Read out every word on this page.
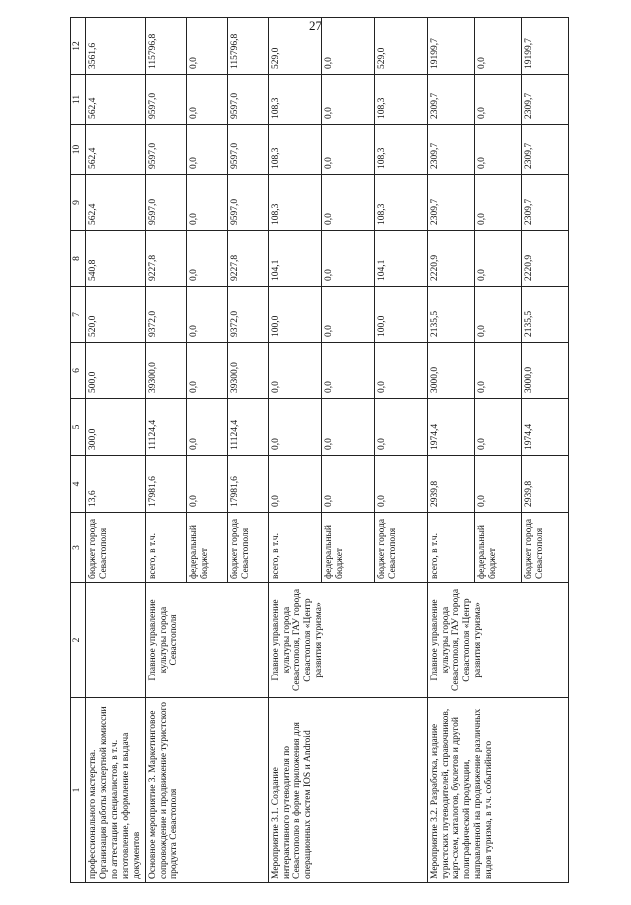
27
1	2	3	4	5	6	7	8	9	10	11	12
профессионального мастерства. Организация работы экспертной комиссии по аттестации специалистов, в т.ч. изготовление, оформление и выдача документов		бюджет города Севастополя	13,6	300,0	500,0	520,0	540,8	562,4	562,4	562,4	3561,6
Основное мероприятие 3. Маркетинговое сопровождение и продвижение туристского продукта Севастополя	Главное управление культуры города Севастополя	всего, в т.ч.	17981,6	11124,4	39300,0	9372,0	9227,8	9597,0	9597,0	9597,0	115796,8
		федеральный бюджет	0,0	0,0	0,0	0,0	0,0	0,0	0,0	0,0	0,0
		бюджет города Севастополя	17981,6	11124,4	39300,0	9372,0	9227,8	9597,0	9597,0	9597,0	115796,8
Мероприятие 3.1. Создание интерактивного путеводителя по Севастополю в форме приложения для операционных систем IOS и Android	Главное управление культуры города Севастополя, ГАУ города Севастополя «Центр развития туризма»	всего, в т.ч.	0,0	0,0	0,0	100,0	104,1	108,3	108,3	108,3	529,0
		федеральный бюджет	0,0	0,0	0,0	0,0	0,0	0,0	0,0	0,0	0,0
		бюджет города Севастополя	0,0	0,0	0,0	100,0	104,1	108,3	108,3	108,3	529,0
Мероприятие 3.2. Разработка, издание туристских путеводителей, справочников, карт-схем, каталогов, буклетов и другой полиграфической продукции, направленной на продвижение различных видов туризма, в т.ч. событийного	Главное управление культуры города Севастополя, ГАУ города Севастополя «Центр развития туризма»	всего, в т.ч.	2939,8	1974,4	3000,0	2135,5	2220,9	2309,7	2309,7	2309,7	19199,7
		федеральный бюджет	0,0	0,0	0,0	0,0	0,0	0,0	0,0	0,0	0,0
		бюджет города Севастополя	2939,8	1974,4	3000,0	2135,5	2220,9	2309,7	2309,7	2309,7	19199,7
